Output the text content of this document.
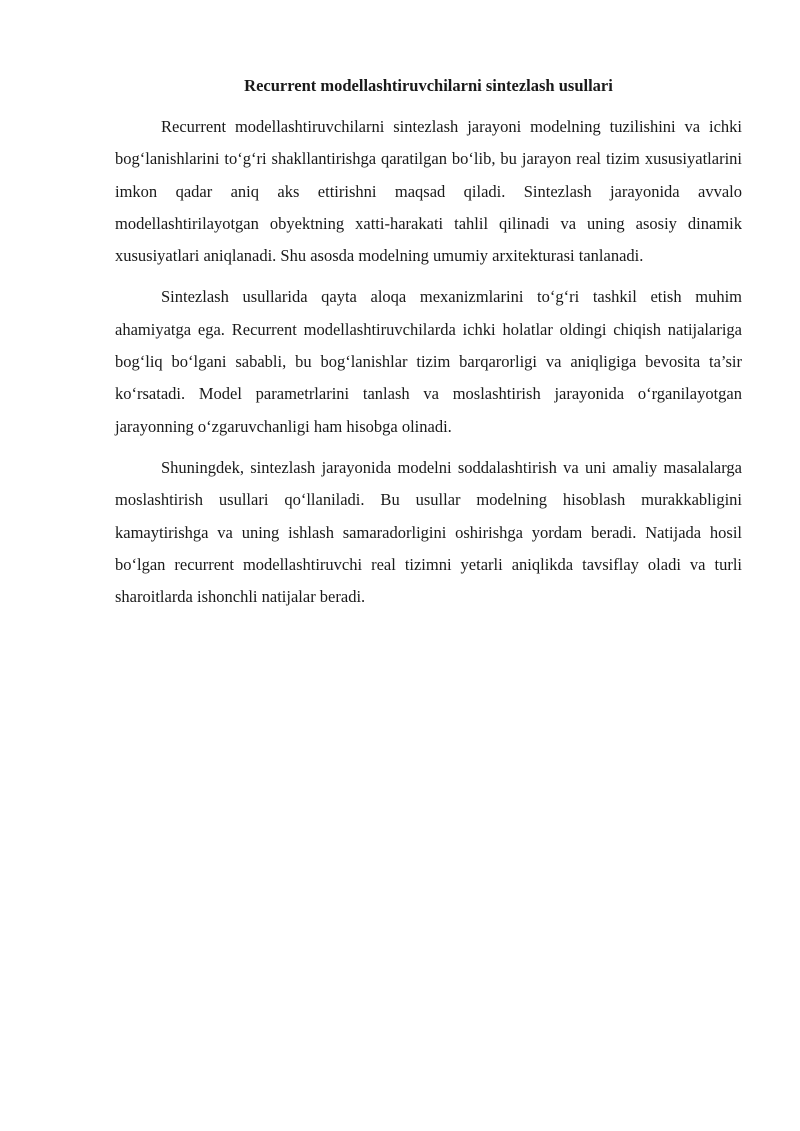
Recurrent modellashtiruvchilarni sintezlash usullari

Recurrent modellashtiruvchilarni sintezlash jarayoni modelning tuzilishini va ichki bog‘lanishlarini to‘g‘ri shakllantirishga qaratilgan bo‘lib, bu jarayon real tizim xususiyatlarini imkon qadar aniq aks ettirishni maqsad qiladi. Sintezlash jarayonida avvalo modellashtirilayotgan obyektning xatti-harakati tahlil qilinadi va uning asosiy dinamik xususiyatlari aniqlanadi. Shu asosda modelning umumiy arxitekturasi tanlanadi.

Sintezlash usullarida qayta aloqa mexanizmlarini to‘g‘ri tashkil etish muhim ahamiyatga ega. Recurrent modellashtiruvchilarda ichki holatlar oldingi chiqish natijalariga bog‘liq bo‘lgani sababli, bu bog‘lanishlar tizim barqarorligi va aniqligiga bevosita ta’sir ko‘rsatadi. Model parametrlarini tanlash va moslashtirish jarayonida o‘rganilayotgan jarayonning o‘zgaruvchanligi ham hisobga olinadi.

Shuningdek, sintezlash jarayonida modelni soddalashtirish va uni amaliy masalalarga moslashtirish usullari qo‘llaniladi. Bu usullar modelning hisoblash murakkabligini kamaytirishga va uning ishlash samaradorligini oshirishga yordam beradi. Natijada hosil bo‘lgan recurrent modellashtiruvchi real tizimni yetarli aniqlikda tavsiflay oladi va turli sharoitlarda ishonchli natijalar beradi.
